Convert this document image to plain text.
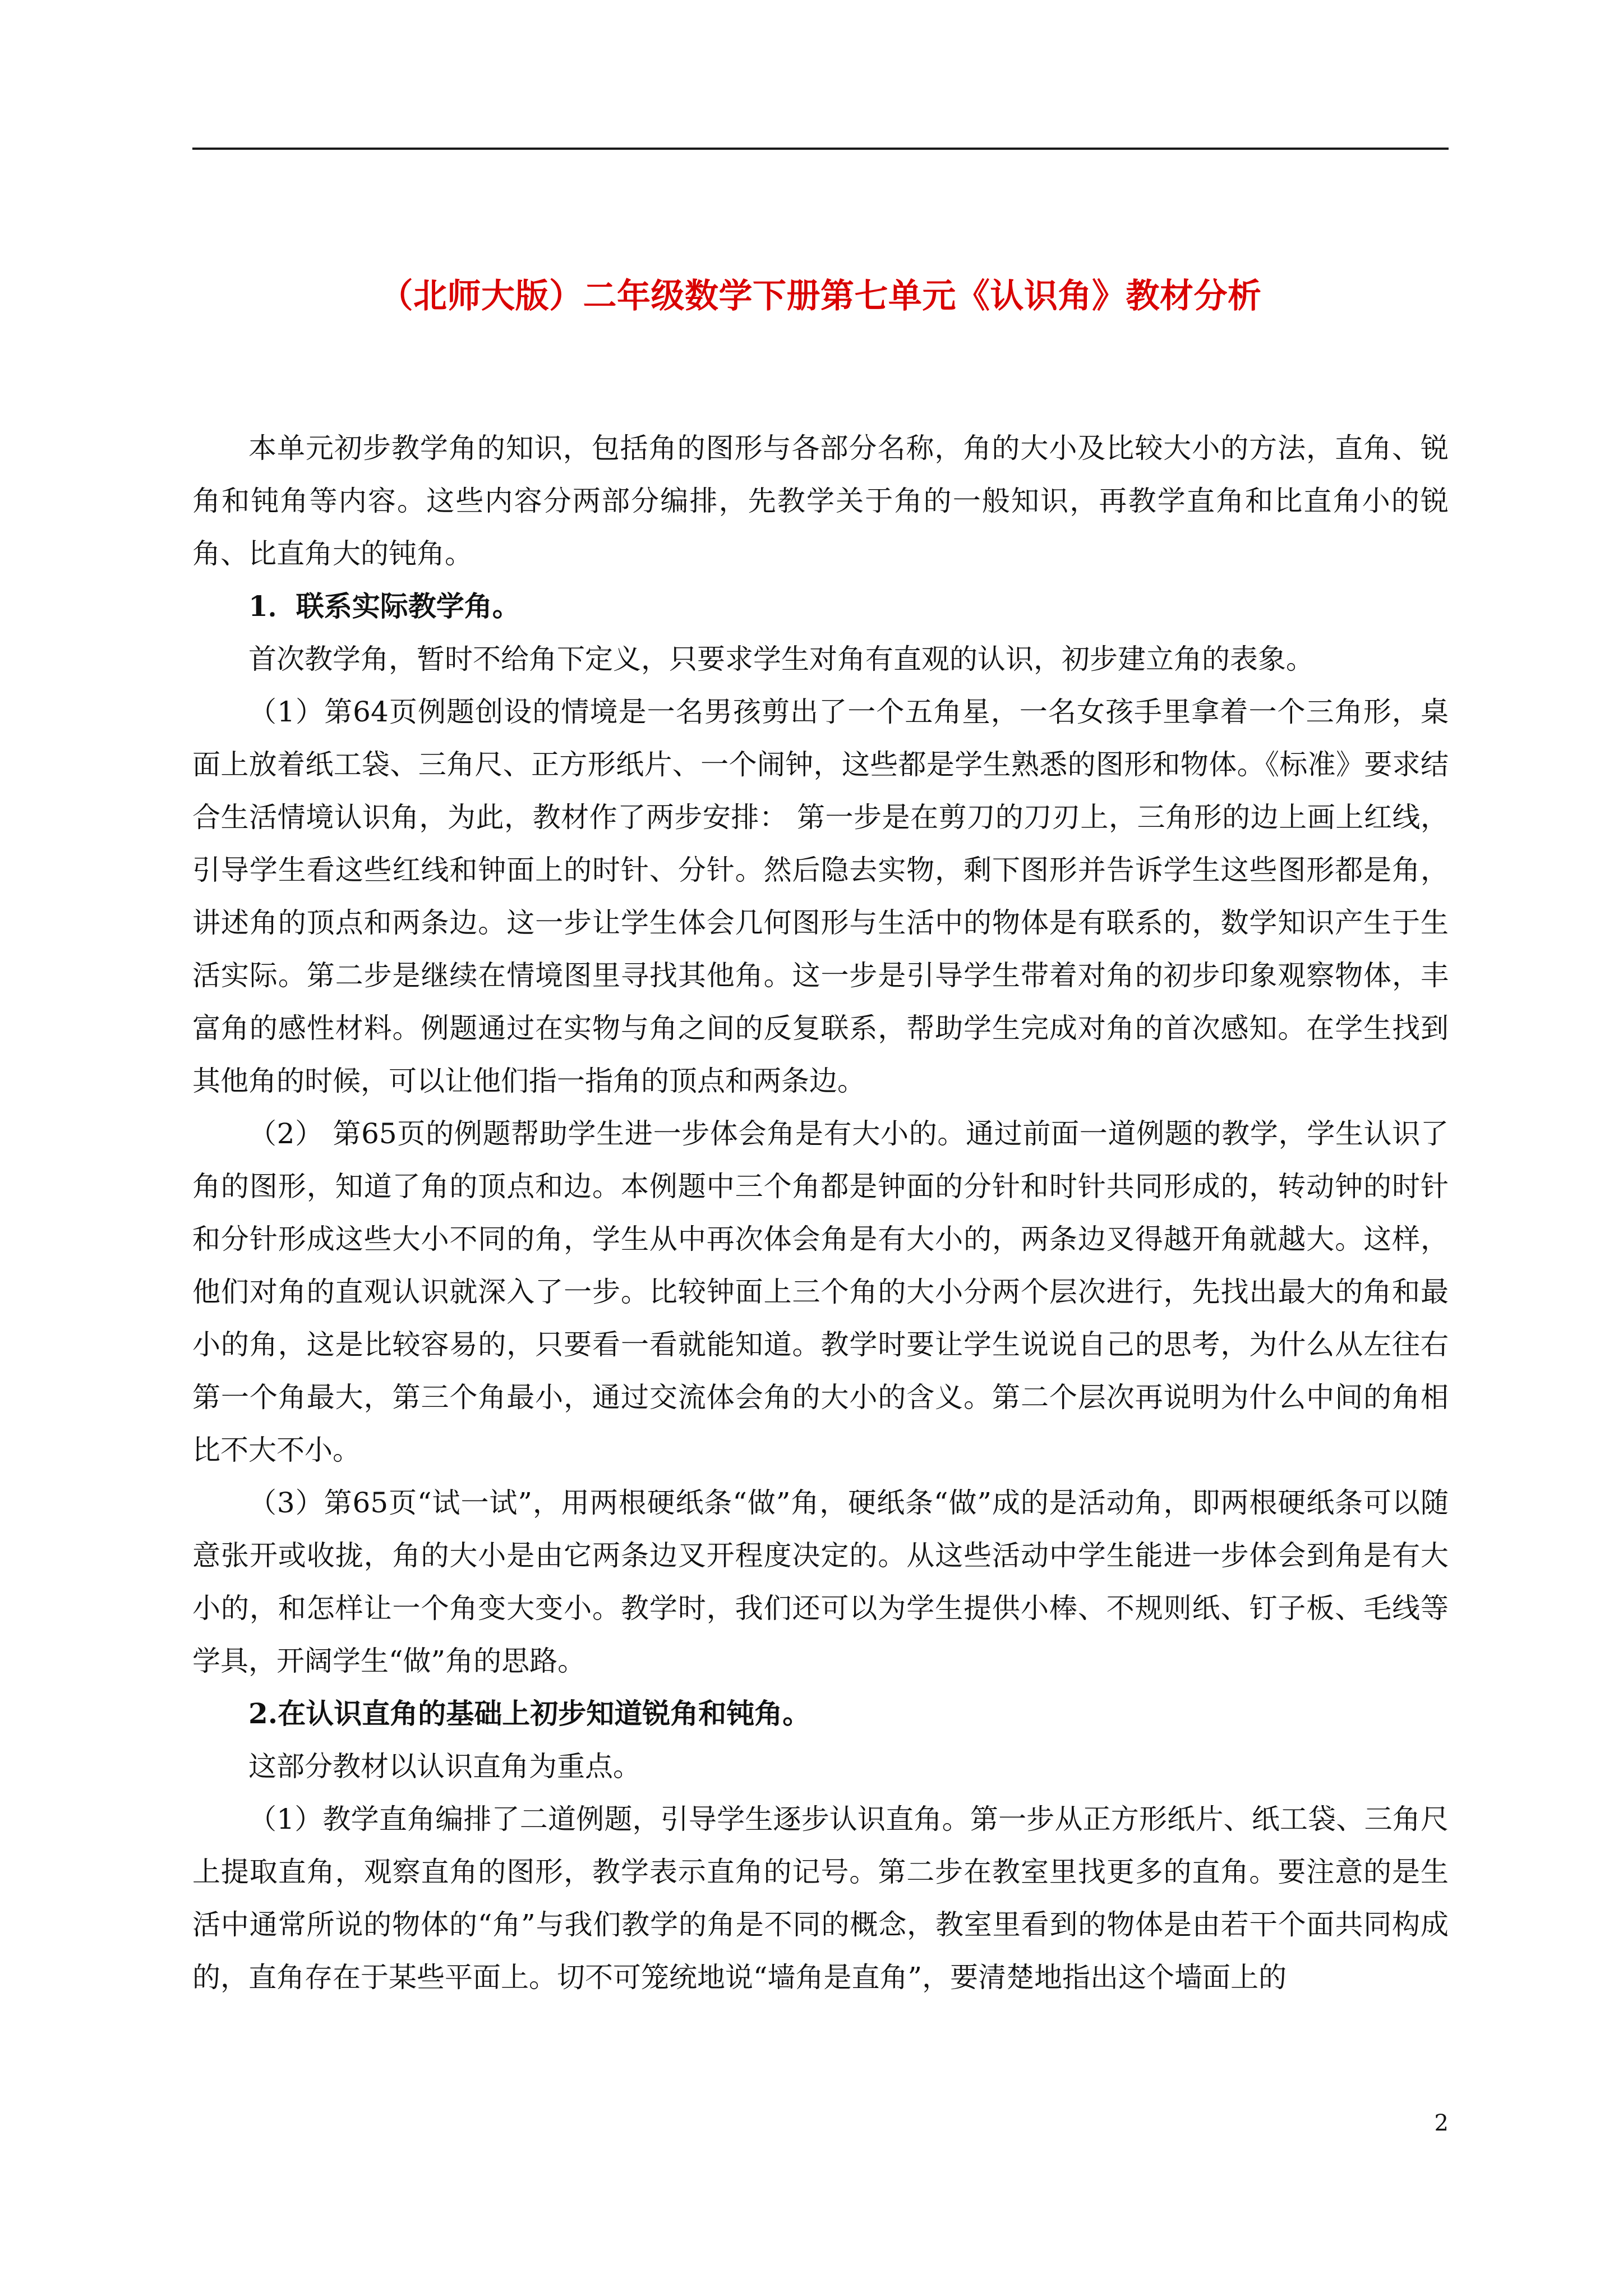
（北师大版）二年级数学下册第七单元《认识角》教材分析

本单元初步教学角的知识，包括角的图形与各部分名称，角的大小及比较大小的方法，直角、锐角和钝角等内容。这些内容分两部分编排，先教学关于角的一般知识，再教学直角和比直角小的锐角、比直角大的钝角。

1．联系实际教学角。

首次教学角，暂时不给角下定义，只要求学生对角有直观的认识，初步建立角的表象。

（1）第64页例题创设的情境是一名男孩剪出了一个五角星，一名女孩手里拿着一个三角形，桌面上放着纸工袋、三角尺、正方形纸片、一个闹钟，这些都是学生熟悉的图形和物体。《标准》要求结合生活情境认识角，为此，教材作了两步安排： 第一步是在剪刀的刀刃上，三角形的边上画上红线，引导学生看这些红线和钟面上的时针、分针。然后隐去实物，剩下图形并告诉学生这些图形都是角，讲述角的顶点和两条边。这一步让学生体会几何图形与生活中的物体是有联系的，数学知识产生于生活实际。第二步是继续在情境图里寻找其他角。这一步是引导学生带着对角的初步印象观察物体，丰富角的感性材料。例题通过在实物与角之间的反复联系，帮助学生完成对角的首次感知。在学生找到其他角的时候，可以让他们指一指角的顶点和两条边。

（2） 第65页的例题帮助学生进一步体会角是有大小的。通过前面一道例题的教学，学生认识了角的图形，知道了角的顶点和边。本例题中三个角都是钟面的分针和时针共同形成的，转动钟的时针和分针形成这些大小不同的角，学生从中再次体会角是有大小的，两条边叉得越开角就越大。这样，他们对角的直观认识就深入了一步。比较钟面上三个角的大小分两个层次进行，先找出最大的角和最小的角，这是比较容易的，只要看一看就能知道。教学时要让学生说说自己的思考，为什么从左往右第一个角最大，第三个角最小，通过交流体会角的大小的含义。第二个层次再说明为什么中间的角相比不大不小。

（3）第65页“试一试”，用两根硬纸条“做”角，硬纸条“做”成的是活动角，即两根硬纸条可以随意张开或收拢，角的大小是由它两条边叉开程度决定的。从这些活动中学生能进一步体会到角是有大小的，和怎样让一个角变大变小。教学时，我们还可以为学生提供小棒、不规则纸、钉子板、毛线等学具，开阔学生“做”角的思路。

2.在认识直角的基础上初步知道锐角和钝角。

这部分教材以认识直角为重点。

（1）教学直角编排了二道例题，引导学生逐步认识直角。第一步从正方形纸片、纸工袋、三角尺上提取直角，观察直角的图形，教学表示直角的记号。第二步在教室里找更多的直角。要注意的是生活中通常所说的物体的“角”与我们教学的角是不同的概念，教室里看到的物体是由若干个面共同构成的，直角存在于某些平面上。切不可笼统地说“墙角是直角”，要清楚地指出这个墙面上的

2
